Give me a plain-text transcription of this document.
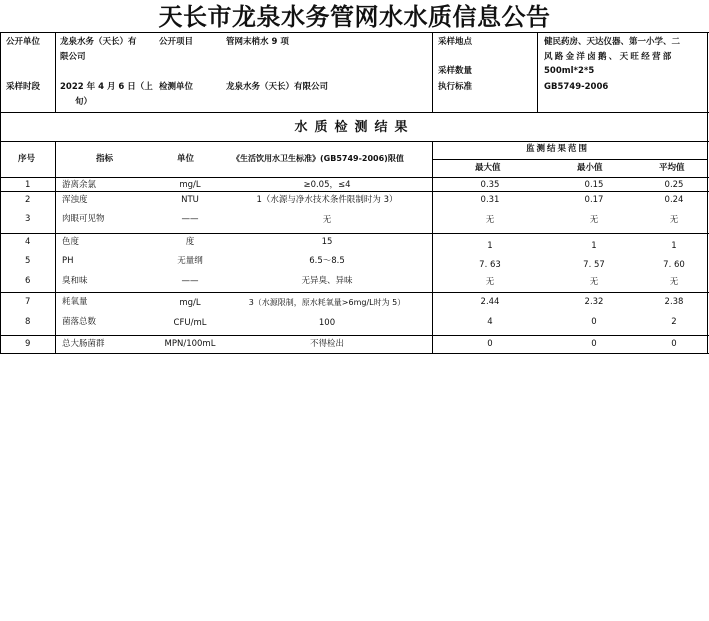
天长市龙泉水务管网水水质信息公告
公开单位 龙泉水务（天长）有
限公司
公开项目	管网末梢水 9 项	采样地点	健民药房、天达仪器、第一小学、二
风路金洋卤鹅、天旺经营部
采样数量	500ml*2*5
采样时段 2022 年 4 月 6 日（上
旬）
检测单位	龙泉水务（天长）有限公司	执行标准	GB5749-2006
水质检测结果
序号	指标	单位	《生活饮用水卫生标准》(GB5749-2006)限值
监测结果范围
最大值	最小值	平均值
1	游离余氯	mg/L	≥0.05，≤4	0.35	0.15	0.25
2	浑浊度	NTU	1（水源与净水技术条件限制时为 3）	0.31	0.17	0.24
3	肉眼可见物	——	无	无	无	无
4	色度	度	15	1	1	1
5	PH	无量纲	6.5～8.5	7. 63	7. 57	7. 60
6	臭和味	——	无异臭、异味	无	无	无
7	耗氧量	mg/L	3（水源限制，原水耗氧量>6mg/L时为 5）	2.44	2.32	2.38
8	菌落总数	CFU/mL	100	4	0	2
9	总大肠菌群	MPN/100mL	不得检出	0	0	0
